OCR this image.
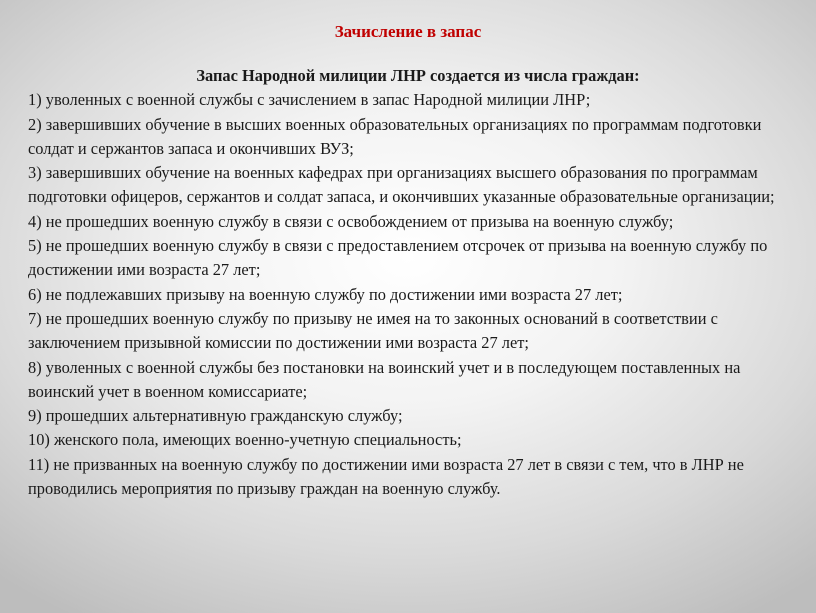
Зачисление в запас

Запас Народной милиции ЛНР создается из числа граждан:

1) уволенных с военной службы с зачислением в запас Народной милиции ЛНР;
2) завершивших обучение в высших военных образовательных организациях по программам подготовки солдат и сержантов запаса и окончивших ВУЗ;
3) завершивших обучение на военных кафедрах при организациях высшего образования по программам подготовки офицеров, сержантов и солдат запаса, и окончивших указанные образовательные организации;
4) не прошедших военную службу в связи с освобождением от призыва на военную службу;
5) не прошедших военную службу в связи с предоставлением отсрочек от призыва на военную службу по достижении ими возраста 27 лет;
6) не подлежавших призыву на военную службу по достижении ими возраста 27 лет;
7) не прошедших военную службу по призыву не имея на то законных оснований в соответствии с заключением призывной комиссии по достижении ими возраста 27 лет;
8) уволенных с военной службы без постановки на воинский учет и в последующем поставленных на воинский учет в военном комиссариате;
9) прошедших альтернативную гражданскую службу;
10) женского пола, имеющих военно-учетную специальность;
11) не призванных на военную службу по достижении ими возраста 27 лет в связи с тем, что в ЛНР не проводились мероприятия по призыву граждан на военную службу.
